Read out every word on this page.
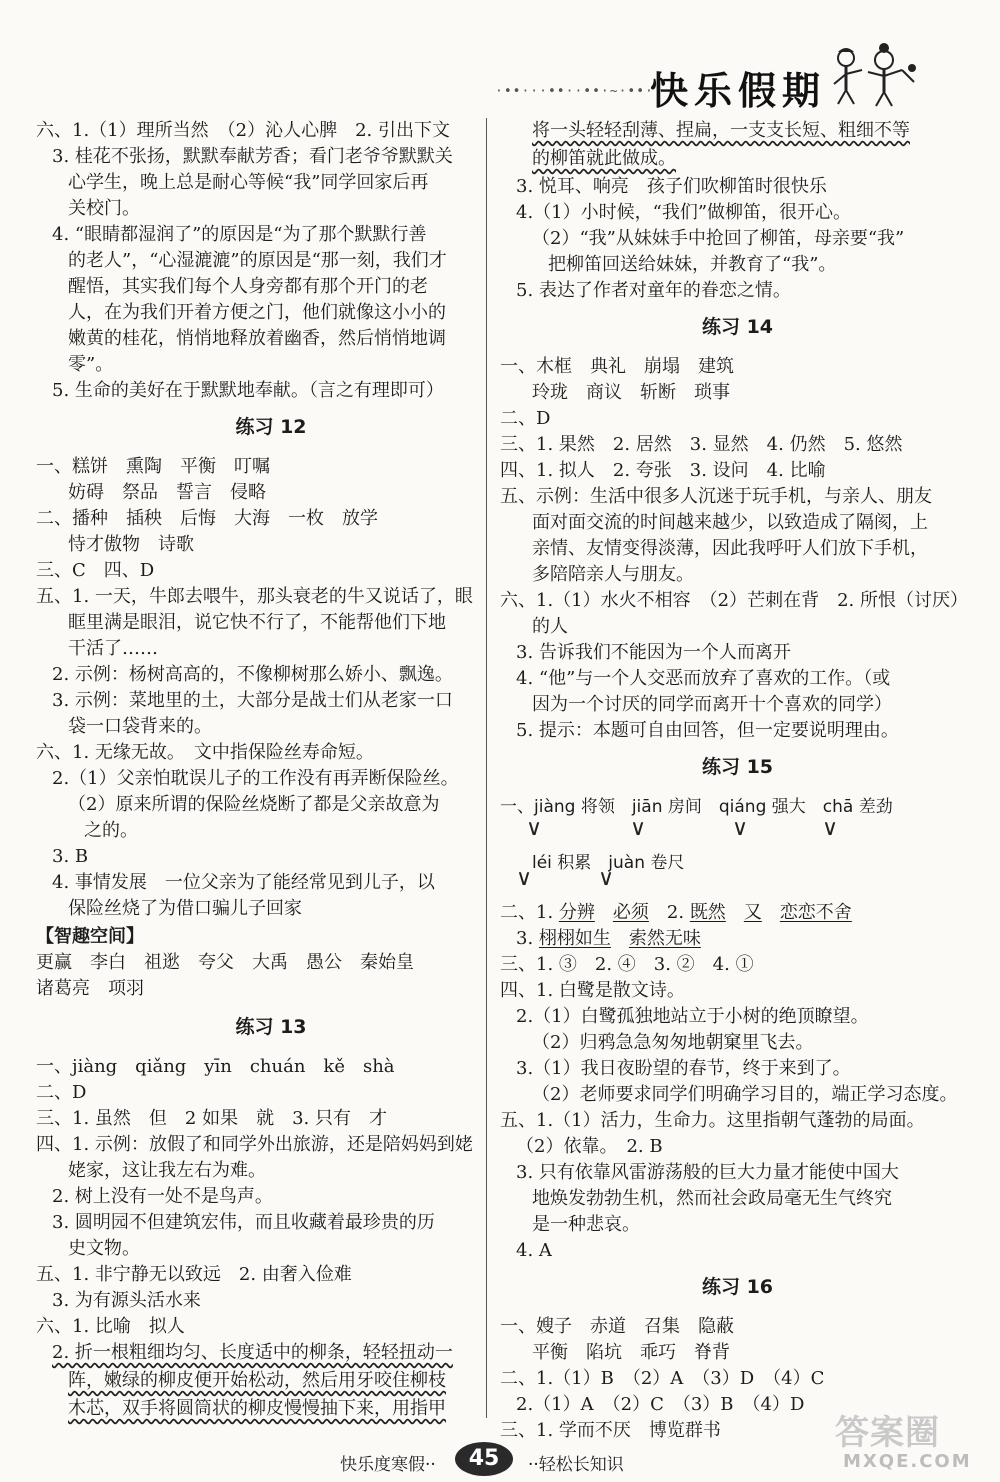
·••···••··••·~·••·
快乐假期
六、1.（1）理所当然　（2）沁人心脾　2. 引出下文
3. 桂花不张扬，默默奉献芳香；看门老爷爷默默关
心学生，晚上总是耐心等候“我”同学回家后再
关校门。
4. “眼睛都湿润了”的原因是“为了那个默默行善
的老人”，“心湿漉漉”的原因是“那一刻，我们才
醒悟，其实我们每个人身旁都有那个开门的老
人，在为我们开着方便之门，他们就像这小小的
嫩黄的桂花，悄悄地释放着幽香，然后悄悄地调
零”。
5. 生命的美好在于默默地奉献。（言之有理即可）
练习 12
一、糕饼　熏陶　平衡　叮嘱
妨碍　祭品　誓言　侵略
二、播种　插秧　后悔　大海　一枚　放学
恃才傲物　诗歌
三、C　四、D
五、1. 一天，牛郎去喂牛，那头衰老的牛又说话了，眼
眶里满是眼泪，说它快不行了，不能帮他们下地
干活了……
2. 示例：杨树高高的，不像柳树那么娇小、飘逸。
3. 示例：菜地里的土，大部分是战士们从老家一口
袋一口袋背来的。
六、1. 无缘无故。　文中指保险丝寿命短。
2.（1）父亲怕耽误儿子的工作没有再弄断保险丝。
（2）原来所谓的保险丝烧断了都是父亲故意为
之的。
3. B
4. 事情发展　一位父亲为了能经常见到儿子，以
保险丝烧了为借口骗儿子回家
【智趣空间】
更赢　李白　祖逖　夸父　大禹　愚公　秦始皇
诸葛亮　项羽
练习 13
一、jiàng　qiǎng　yīn　chuán　kě　shà
二、D
三、1. 虽然　但　2 如果　就　3. 只有　才
四、1. 示例：放假了和同学外出旅游，还是陪妈妈到姥
姥家，这让我左右为难。
2. 树上没有一处不是鸟声。
3. 圆明园不但建筑宏伟，而且收藏着最珍贵的历
史文物。
五、1. 非宁静无以致远　2. 由奢入俭难
3. 为有源头活水来
六、1. 比喻　拟人
2. 折一根粗细均匀、长度适中的柳条，轻轻扭动一
阵，嫩绿的柳皮便开始松动，然后用牙咬住柳枝
木芯，双手将圆筒状的柳皮慢慢抽下来，用指甲
将一头轻轻刮薄、捏扁，一支支长短、粗细不等
的柳笛就此做成。
3. 悦耳、响亮　孩子们吹柳笛时很快乐
4.（1）小时候，“我们”做柳笛，很开心。
（2）“我”从妹妹手中抢回了柳笛，母亲要“我”
把柳笛回送给妹妹，并教育了“我”。
5. 表达了作者对童年的眷恋之情。
练习 14
一、木框　典礼　崩塌　建筑
玲珑　商议　斩断　琐事
二、D
三、1. 果然　2. 居然　3. 显然　4. 仍然　5. 悠然
四、1. 拟人　2. 夸张　3. 设问　4. 比喻
五、示例：生活中很多人沉迷于玩手机，与亲人、朋友
面对面交流的时间越来越少，以致造成了隔阂，上
亲情、友情变得淡薄，因此我呼吁人们放下手机，
多陪陪亲人与朋友。
六、1.（1）水火不相容　（2）芒刺在背　2. 所恨（讨厌）
的人
3. 告诉我们不能因为一个人而离开
4. “他”与一个人交恶而放弃了喜欢的工作。（或
因为一个讨厌的同学而离开十个喜欢的同学）
5. 提示：本题可自由回答，但一定要说明理由。
练习 15
一、jiàng 将领　jiān 房间　qiáng 强大　chā 差劲
∨	∨	∨	∨
léi 积累　juàn 卷尺
∨	∨
二、1. 分辨　 必须　2. 既然　 又　 恋恋不舍
3. 栩栩如生　 索然无味
三、1. ③　2. ④　3. ②　4. ①
四、1. 白鹭是散文诗。
2.（1）白鹭孤独地站立于小树的绝顶瞭望。
（2）归鸦急急匆匆地朝窠里飞去。
3.（1）我日夜盼望的春节，终于来到了。
（2）老师要求同学们明确学习目的，端正学习态度。
五、1.（1）活力，生命力。这里指朝气蓬勃的局面。
（2）依靠。　2. B
3. 只有依靠风雷游荡般的巨大力量才能使中国大
地焕发勃勃生机，然而社会政局毫无生气终究
是一种悲哀。
4. A
练习 16
一、嫂子　赤道　召集　隐蔽
平衡　陷坑　乖巧　脊背
二、1.（1）B　（2）A　（3）D　（4）C
2.（1）A　（2）C　（3）B　（4）D
三、1. 学而不厌　博览群书
快乐度寒假··	45	··轻松长知识
答案圈
MXQE.COM
